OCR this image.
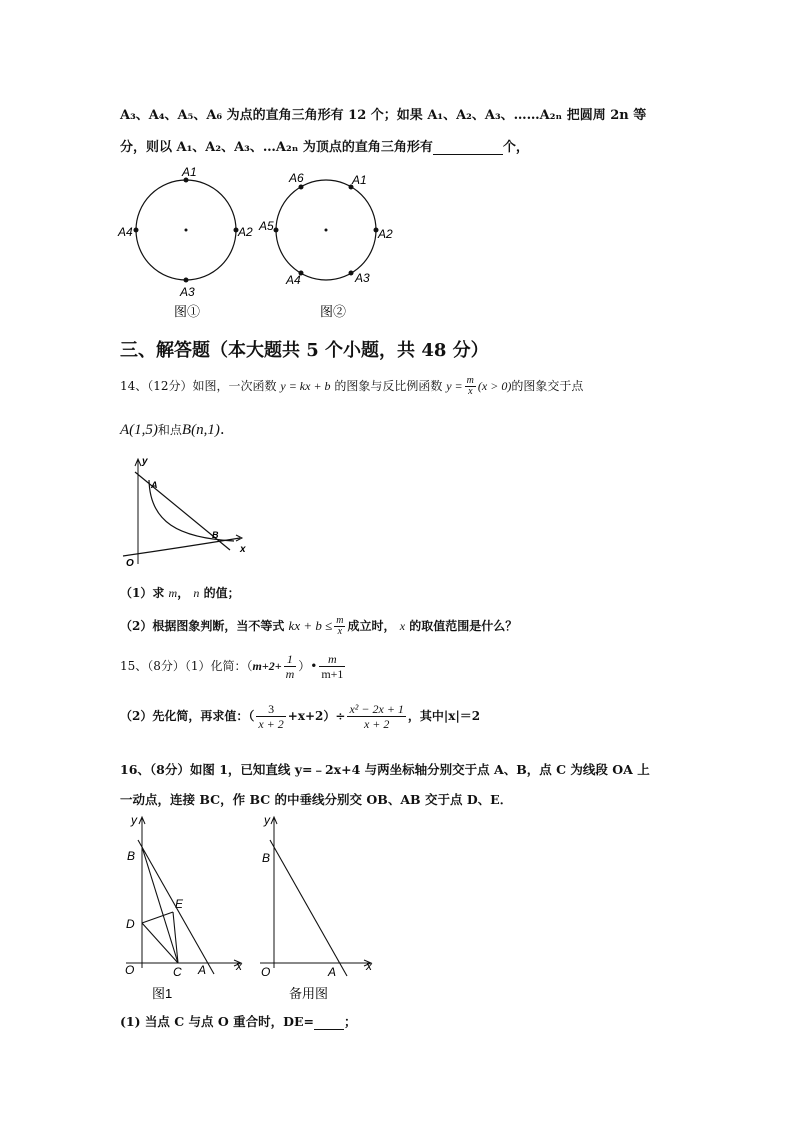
A₃、A₄、A₅、A₆ 为点的直角三角形有 12 个；如果 A₁、A₂、A₃、……A₂ₙ 把圆周 2n 等
分，则以 A₁、A₂、A₃、…A₂ₙ 为顶点的直角三角形有	个，
A1
A2
A3
A4
图①
A1
A2
A3
A4
A5
A6
图②
三、解答题（本大题共 5 个小题，共 48 分）
14、（12分）如图，一次函数 y = kx + b 的图象与反比例函数 $y = \frac{m}{x} (x > 0)$的图象交于点
A(1,5)和点B(n,1).
y
x
O
A
B
（1）求 m， n 的值；
（2）根据图象判断，当不等式 kx + $b \le \frac{m}{x}$ 成立时， x 的取值范围是什么？
15、（8分）（1）化简：（$m+2+ \frac{1}{m}$ ）• $\frac{m}{m+1}$
（2）先化简，再求值：（ $\frac{3}{x + 2} +x+2)\div \frac{\text{x² − 2x + 1}}{x + 2}$ ，其中|x|＝2
16、（8分）如图 1，已知直线 y=﹣2x+4 与两坐标轴分别交于点 A、B，点 C 为线段 OA 上
一动点，连接 BC，作 BC 的中垂线分别交 OB、AB 交于点 D、E．
y
x
O	A
B
C
D
E
图1
y
x
O	A
B
备用图
(1) 当点 C 与点 O 重合时，DE= ；
